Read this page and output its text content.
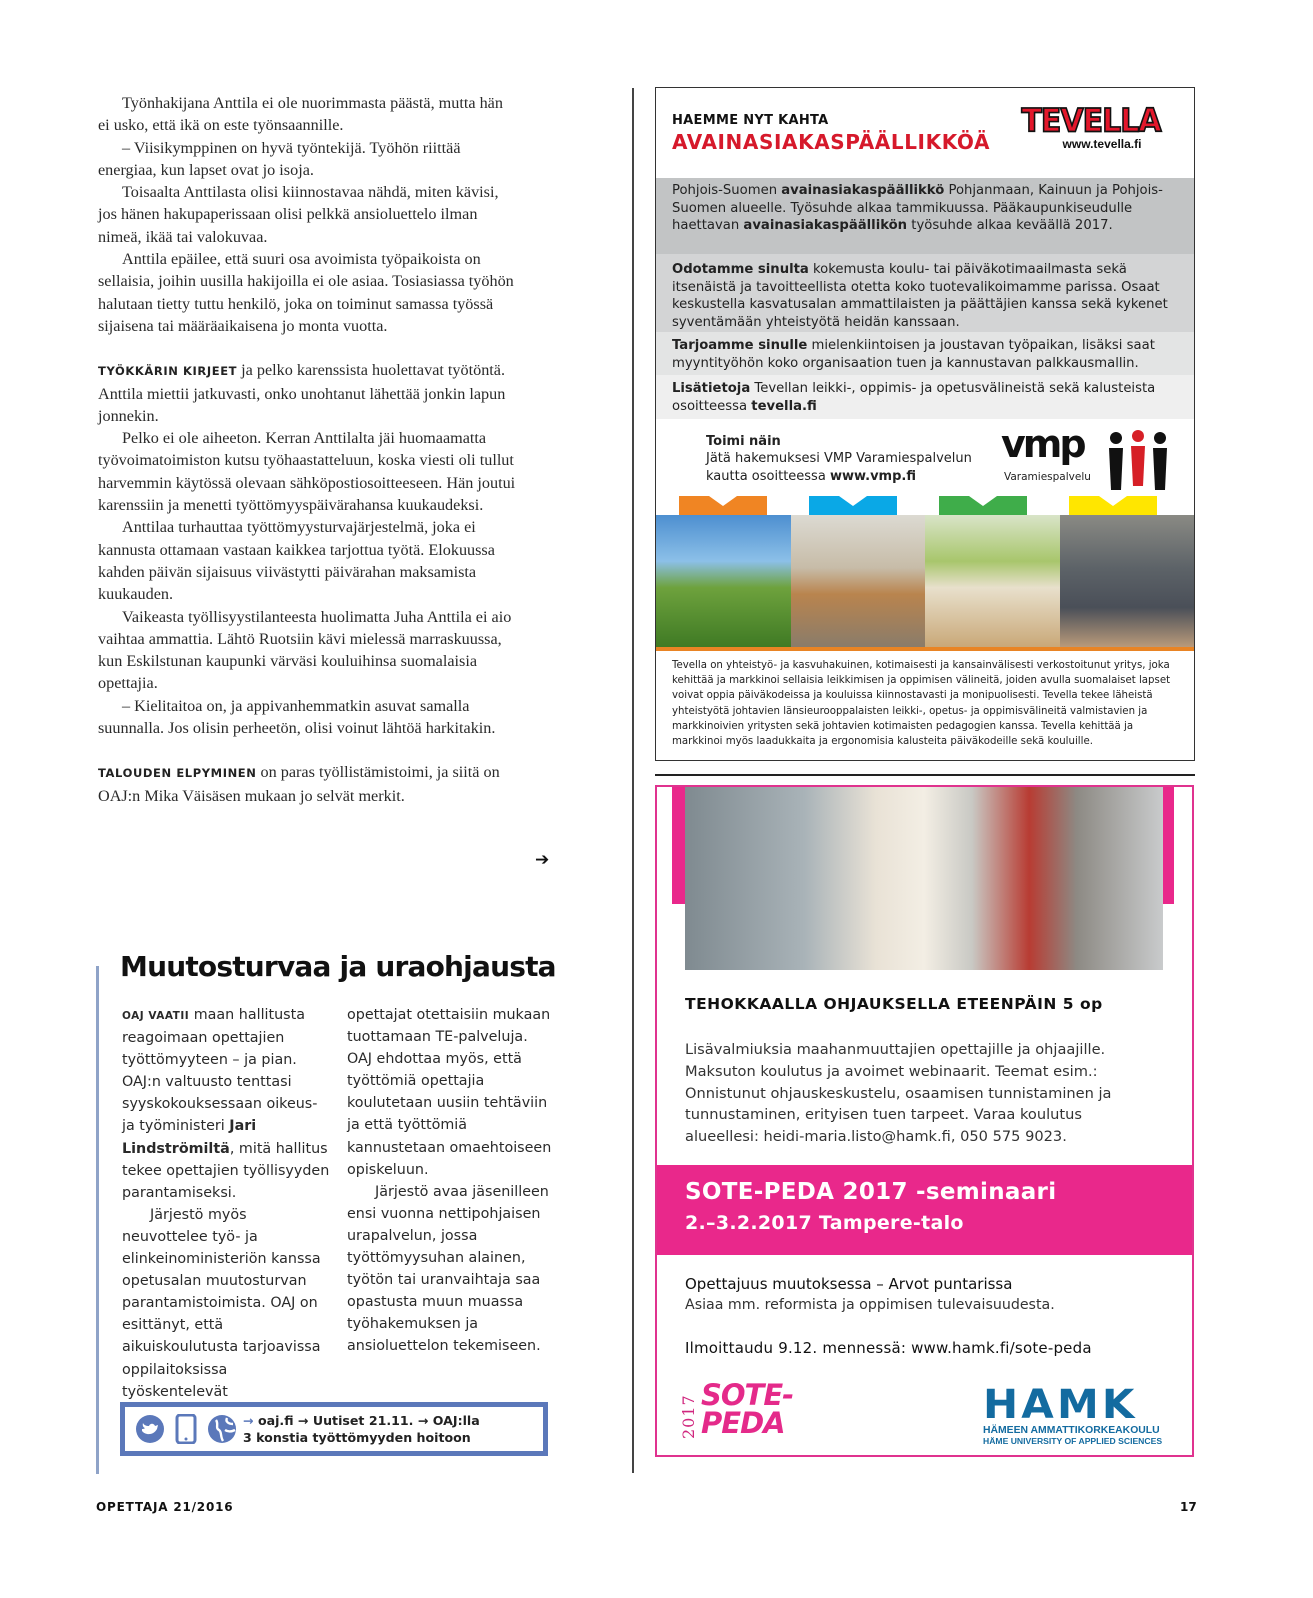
Työnhakijana Anttila ei ole nuorimmasta päästä, mutta hän ei usko, että ikä on este työnsaannille.

– Viisikymppinen on hyvä työntekijä. Työhön riittää energiaa, kun lapset ovat jo isoja.

Toisaalta Anttilasta olisi kiinnostavaa nähdä, miten kävisi, jos hänen hakupaperissaan olisi pelkkä ansioluettelo ilman nimeä, ikää tai valokuvaa.

Anttila epäilee, että suuri osa avoimista työpaikoista on sellaisia, joihin uusilla hakijoilla ei ole asiaa. Tosiasiassa työhön halutaan tietty tuttu henkilö, joka on toiminut samassa työssä sijaisena tai määräaikaisena jo monta vuotta.

TYÖKKÄRIN KIRJEET ja pelko karenssista huolettavat työtöntä. Anttila miettii jatkuvasti, onko unohtanut lähettää jonkin lapun jonnekin.

Pelko ei ole aiheeton. Kerran Anttilalta jäi huomaamatta työvoimatoimiston kutsu työhaastatteluun, koska viesti oli tullut harvemmin käytössä olevaan sähköpostiosoitteeseen. Hän joutui karenssiin ja menetti työttömyyspäivärahansa kuukaudeksi.

Anttilaa turhauttaa työttömyysturvajärjestelmä, joka ei kannusta ottamaan vastaan kaikkea tarjottua työtä. Elokuussa kahden päivän sijaisuus viivästytti päivärahan maksamista kuukauden.

Vaikeasta työllisyystilanteesta huolimatta Juha Anttila ei aio vaihtaa ammattia. Lähtö Ruotsiin kävi mielessä marraskuussa, kun Eskilstunan kaupunki värväsi kouluihinsa suomalaisia opettajia.

– Kielitaitoa on, ja appivanhemmatkin asuvat samalla suunnalla. Jos olisin perheetön, olisi voinut lähtöä harkitakin.

TALOUDEN ELPYMINEN on paras työllistämistoimi, ja siitä on OAJ:n Mika Väisäsen mukaan jo selvät merkit.

➔
Muutosturvaa ja uraohjausta

OAJ VAATII maan hallitusta reagoimaan opettajien työttömyyteen – ja pian. OAJ:n valtuusto tenttasi syyskokouksessaan oikeus- ja työministeri Jari Lindströmiltä, mitä hallitus tekee opettajien työllisyyden parantamiseksi.

Järjestö myös neuvottelee työ- ja elinkeinoministeriön kanssa opetusalan muutosturvan parantamistoimista. OAJ on esittänyt, että aikuiskoulutusta tarjoavissa oppilaitoksissa työskentelevät

opettajat otettaisiin mukaan tuottamaan TE-palveluja. OAJ ehdottaa myös, että työttömiä opettajia koulutetaan uusiin tehtäviin ja että työttömiä kannustetaan omaehtoiseen opiskeluun.

Järjestö avaa jäsenilleen ensi vuonna nettipohjaisen urapalvelun, jossa työttömyysuhan alainen, työtön tai uranvaihtaja saa opastusta muun muassa työhakemuksen ja ansioluettelon tekemiseen.

→ oaj.fi → Uutiset 21.11. → OAJ:lla
3 konstia työttömyyden hoitoon
HAEMME NYT KAHTA
AVAINASIAKASPÄÄLLIKKÖÄ
TEVELLA
www.tevella.fi
Pohjois-Suomen avainasiakaspäällikkö Pohjanmaan, Kainuun ja Pohjois-Suomen alueelle. Työsuhde alkaa tammikuussa. Pääkaupunkiseudulle haettavan avainasiakaspäällikön työsuhde alkaa keväällä 2017.
Odotamme sinulta kokemusta koulu- tai päiväkotimaailmasta sekä itsenäistä ja tavoitteellista otetta koko tuotevalikoimamme parissa. Osaat keskustella kasvatusalan ammattilaisten ja päättäjien kanssa sekä kykenet syventämään yhteistyötä heidän kanssaan.
Tarjoamme sinulle mielenkiintoisen ja joustavan työpaikan, lisäksi saat myyntityöhön koko organisaation tuen ja kannustavan palkkausmallin.
Lisätietoja Tevellan leikki-, oppimis- ja opetusvälineistä sekä kalusteista osoitteessa tevella.fi
Toimi näin
Jätä hakemuksesi VMP Varamiespalvelun
kautta osoitteessa www.vmp.fi
vmp
Varamiespalvelu
Tevella on yhteistyö- ja kasvuhakuinen, kotimaisesti ja kansainvälisesti verkostoitunut yritys, joka kehittää ja markkinoi sellaisia leikkimisen ja oppimisen välineitä, joiden avulla suomalaiset lapset voivat oppia päiväkodeissa ja kouluissa kiinnostavasti ja monipuolisesti. Tevella tekee läheistä yhteistyötä johtavien länsieurooppalaisten leikki-, opetus- ja oppimisvälineitä valmistavien ja markkinoivien yritysten sekä johtavien kotimaisten pedagogien kanssa. Tevella kehittää ja markkinoi myös laadukkaita ja ergonomisia kalusteita päiväkodeille sekä kouluille.
TEHOKKAALLA OHJAUKSELLA ETEENPÄIN 5 op
Lisävalmiuksia maahanmuuttajien opettajille ja ohjaajille. Maksuton koulutus ja avoimet webinaarit. Teemat esim.: Onnistunut ohjauskeskustelu, osaamisen tunnistaminen ja tunnustaminen, erityisen tuen tarpeet. Varaa koulutus alueellesi: heidi-maria.listo@hamk.fi, 050 575 9023.
SOTE-PEDA 2017 -seminaari
2.–3.2.2017 Tampere-talo
Opettajuus muutoksessa – Arvot puntarissa
Asiaa mm. reformista ja oppimisen tulevaisuudesta.
Ilmoittaudu 9.12. mennessä: www.hamk.fi/sote-peda
2017 SOTE-
PEDA	HAMK
HÄMEEN AMMATTIKORKEAKOULU
HÄME UNIVERSITY OF APPLIED SCIENCES
OPETTAJA 21/2016	17
